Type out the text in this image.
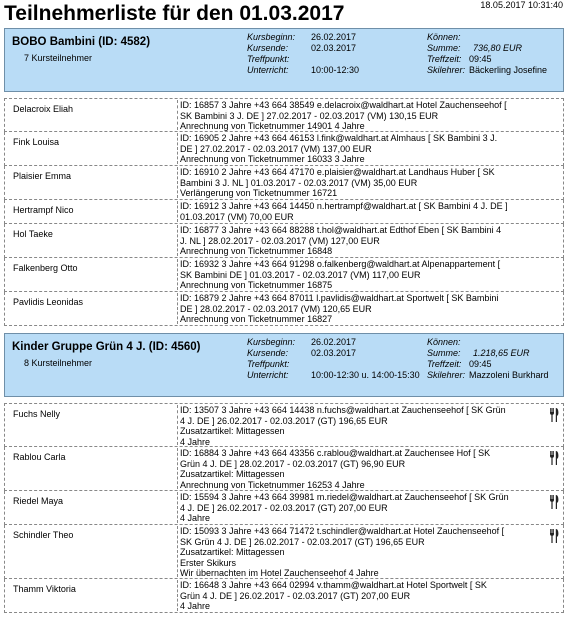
Teilnehmerliste für den 01.03.2017	18.05.2017 10:31:40
BOBO Bambini (ID: 4582)
7 Kursteilnehmer
Kursbeginn: 26.02.2017
Kursende:	02.03.2017
Treffpunkt:
Unterricht: 10:00-12:30
Können:
Summe: 736,80 EUR
Treffzeit: 09:45
Skilehrer: Bäckerling Josefine
Delacroix Eliah	ID: 16857 3 Jahre +43 664 38549 e.delacroix@waldhart.at Hotel Zauchenseehof [
SK Bambini 3 J. DE ] 27.02.2017 - 02.03.2017 (VM) 130,15 EUR
Anrechnung von Ticketnummer 14901 4 Jahre
Fink Louisa	ID: 16905 2 Jahre +43 664 46153 l.fink@waldhart.at Almhaus [ SK Bambini 3 J.
DE ] 27.02.2017 - 02.03.2017 (VM) 137,00 EUR
Anrechnung von Ticketnummer 16033 3 Jahre
Plaisier Emma	ID: 16910 2 Jahre +43 664 47170 e.plaisier@waldhart.at Landhaus Huber [ SK
Bambini 3 J. NL ] 01.03.2017 - 02.03.2017 (VM) 35,00 EUR
Verlängerung von Ticketnummer 16721
Hertrampf Nico	ID: 16912 3 Jahre +43 664 14450 n.hertrampf@waldhart.at [ SK Bambini 4 J. DE ]
01.03.2017 (VM) 70,00 EUR
Hol Taeke	ID: 16877 3 Jahre +43 664 88288 t.hol@waldhart.at Edthof Eben [ SK Bambini 4
J. NL ] 28.02.2017 - 02.03.2017 (VM) 127,00 EUR
Anrechnung von Ticketnummer 16848
Falkenberg Otto	ID: 16932 3 Jahre +43 664 91298 o.falkenberg@waldhart.at Alpenappartement [
SK Bambini DE ] 01.03.2017 - 02.03.2017 (VM) 117,00 EUR
Anrechnung von Ticketnummer 16875
Pavlidis Leonidas	ID: 16879 2 Jahre +43 664 87011 l.pavlidis@waldhart.at Sportwelt [ SK Bambini
DE ] 28.02.2017 - 02.03.2017 (VM) 120,65 EUR
Anrechnung von Ticketnummer 16827
Kinder Gruppe Grün 4 J. (ID: 4560)
8 Kursteilnehmer
Kursbeginn: 26.02.2017
Kursende:	02.03.2017
Treffpunkt:
Unterricht: 10:00-12:30 u. 14:00-15:30
Können:
Summe: 1.218,65 EUR
Treffzeit: 09:45
Skilehrer: Mazzoleni Burkhard
Fuchs Nelly	ID: 13507 3 Jahre +43 664 14438 n.fuchs@waldhart.at Zauchenseehof [ SK Grün
4 J. DE ] 26.02.2017 - 02.03.2017 (GT) 196,65 EUR
Zusatzartikel: Mittagessen
4 Jahre
Rablou Carla	ID: 16884 3 Jahre +43 664 43356 c.rablou@waldhart.at Zauchensee Hof [ SK
Grün 4 J. DE ] 28.02.2017 - 02.03.2017 (GT) 96,90 EUR
Zusatzartikel: Mittagessen
Anrechnung von Ticketnummer 16253 4 Jahre
Riedel Maya	ID: 15594 3 Jahre +43 664 39981 m.riedel@waldhart.at Zauchenseehof [ SK Grün
4 J. DE ] 26.02.2017 - 02.03.2017 (GT) 207,00 EUR
4 Jahre
Schindler Theo	ID: 15093 3 Jahre +43 664 71472 t.schindler@waldhart.at Hotel Zauchenseehof [
SK Grün 4 J. DE ] 26.02.2017 - 02.03.2017 (GT) 196,65 EUR
Zusatzartikel: Mittagessen
Erster Skikurs
Wir übernachten im Hotel Zauchenseehof 4 Jahre
Thamm Viktoria	ID: 16648 3 Jahre +43 664 02994 v.thamm@waldhart.at Hotel Sportwelt [ SK
Grün 4 J. DE ] 26.02.2017 - 02.03.2017 (GT) 207,00 EUR
4 Jahre
